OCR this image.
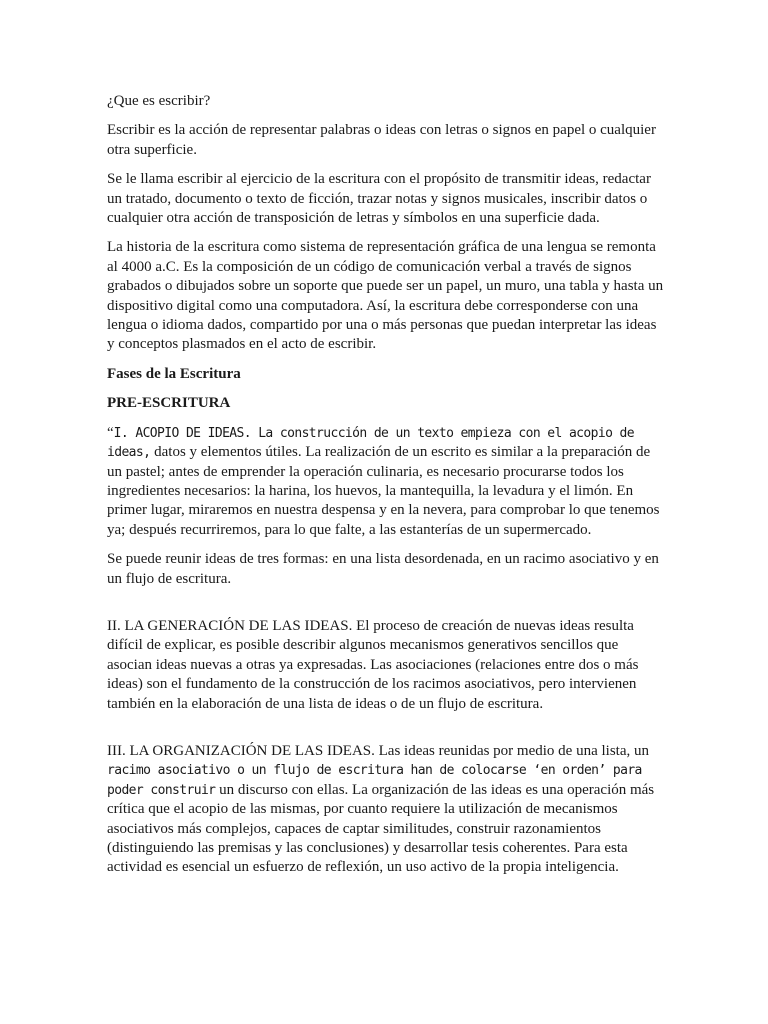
¿Que es escribir?

Escribir es la acción de representar palabras o ideas con letras o signos en papel o cualquier otra superficie.

Se le llama escribir al ejercicio de la escritura con el propósito de transmitir ideas, redactar un tratado, documento o texto de ficción, trazar notas y signos musicales, inscribir datos o cualquier otra acción de transposición de letras y símbolos en una superficie dada.

La historia de la escritura como sistema de representación gráfica de una lengua se remonta al 4000 a.C. Es la composición de un código de comunicación verbal a través de signos grabados o dibujados sobre un soporte que puede ser un papel, un muro, una tabla y hasta un dispositivo digital como una computadora. Así, la escritura debe corresponderse con una lengua o idioma dados, compartido por una o más personas que puedan interpretar las ideas y conceptos plasmados en el acto de escribir.

Fases de la Escritura

PRE-ESCRITURA

“I. ACOPIO DE IDEAS. La construcción de un texto empieza con el acopio de ideas, datos y elementos útiles. La realización de un escrito es similar a la preparación de un pastel; antes de emprender la operación culinaria, es necesario procurarse todos los ingredientes necesarios: la harina, los huevos, la mantequilla, la levadura y el limón. En primer lugar, miraremos en nuestra despensa y en la nevera, para comprobar lo que tenemos ya; después recurriremos, para lo que falte, a las estanterías de un supermercado.

Se puede reunir ideas de tres formas: en una lista desordenada, en un racimo asociativo y en un flujo de escritura.

II. LA GENERACIÓN DE LAS IDEAS. El proceso de creación de nuevas ideas resulta difícil de explicar, es posible describir algunos mecanismos generativos sencillos que asocian ideas nuevas a otras ya expresadas. Las asociaciones (relaciones entre dos o más ideas) son el fundamento de la construcción de los racimos asociativos, pero intervienen también en la elaboración de una lista de ideas o de un flujo de escritura.

III. LA ORGANIZACIÓN DE LAS IDEAS. Las ideas reunidas por medio de una lista, un racimo asociativo o un flujo de escritura han de colocarse ‘en orden’ para poder construir un discurso con ellas. La organización de las ideas es una operación más crítica que el acopio de las mismas, por cuanto requiere la utilización de mecanismos asociativos más complejos, capaces de captar similitudes, construir razonamientos (distinguiendo las premisas y las conclusiones) y desarrollar tesis coherentes. Para esta actividad es esencial un esfuerzo de reflexión, un uso activo de la propia inteligencia.
